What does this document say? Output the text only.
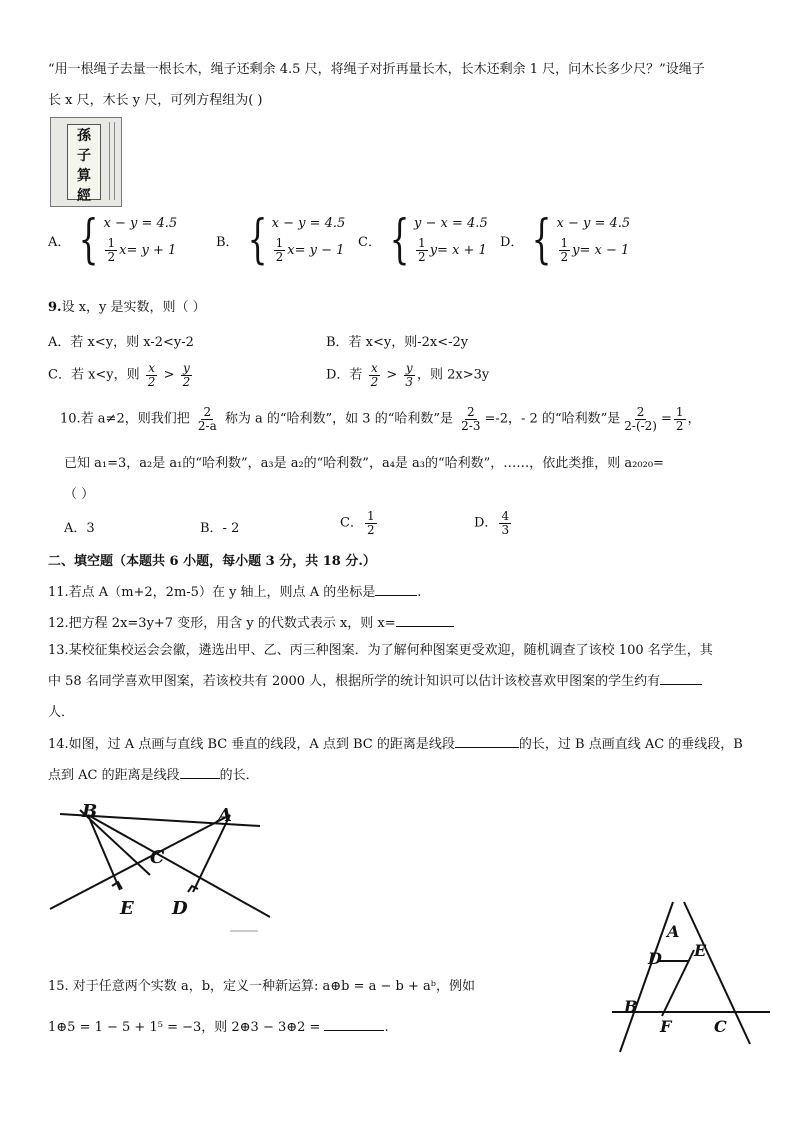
“用一根绳子去量一根长木，绳子还剩余 4.5 尺，将绳子对折再量长木，长木还剩余 1 尺，问木长多少尺？”设绳子
长 x 尺，木长 y 尺，可列方程组为( )
孫
子
算
經
A． { x − y = 4.5
$\frac{1}{2}$ x = y + 1
B． { x − y = 4.5
$\frac{1}{2}$ x = y − 1
C． { y − x = 4.5
$\frac{1}{2}$ y = x + 1
D． { x − y = 4.5
$\frac{1}{2}$ y = x − 1
9.设 x，y 是实数，则（ ）
A．若 x<y，则 x-2<y-2	B．若 x<y，则-2x<-2y
C．若 x<y，则 $\frac{x}{2} > \frac{y}{2}$	D．若 $\frac{x}{2} > \frac{y}{3}$ ，则 2x>3y
10.若 a≠2，则我们把 $\frac{2}{2-a}$ 称为 a 的“哈利数”，如 3 的“哈利数”是 $\frac{2}{2-3} =-2$，- 2 的“哈利数”是 $\frac{2}{2-(-2)} = \frac{1}{2}$ ，
已知 a₁=3，a₂是 a₁的“哈利数”，a₃是 a₂的“哈利数”，a₄是 a₃的“哈利数”，……，依此类推，则 a₂₀₂₀=
（ ）
A．3	B．- 2	C． $\frac{1}{2}$	D． $\frac{4}{3}$
二、填空题（本题共 6 小题，每小题 3 分，共 18 分.）
11.若点 A（m+2，2m-5）在 y 轴上，则点 A 的坐标是	.
12.把方程 2x=3y+7 变形，用含 y 的代数式表示 x，则 x=
13.某校征集校运会会徽，遴选出甲、乙、丙三种图案．为了解何种图案更受欢迎，随机调查了该校 100 名学生，其
中 58 名同学喜欢甲图案，若该校共有 2000 人，根据所学的统计知识可以估计该校喜欢甲图案的学生约有
人．
14.如图，过 A 点画与直线 BC 垂直的线段，A 点到 BC 的距离是线段	的长，过 B 点画直线 AC 的垂线段，B
点到 AC 的距离是线段	的长．
B	A
C
E D
A
D E
B
F	C
15. 对于任意两个实数 a，b，定义一种新运算: a⊕b = a − b + aᵇ，例如
1⊕5 = 1 − 5 + 1⁵ = −3，则 2⊕3 − 3⊕2 =	.
